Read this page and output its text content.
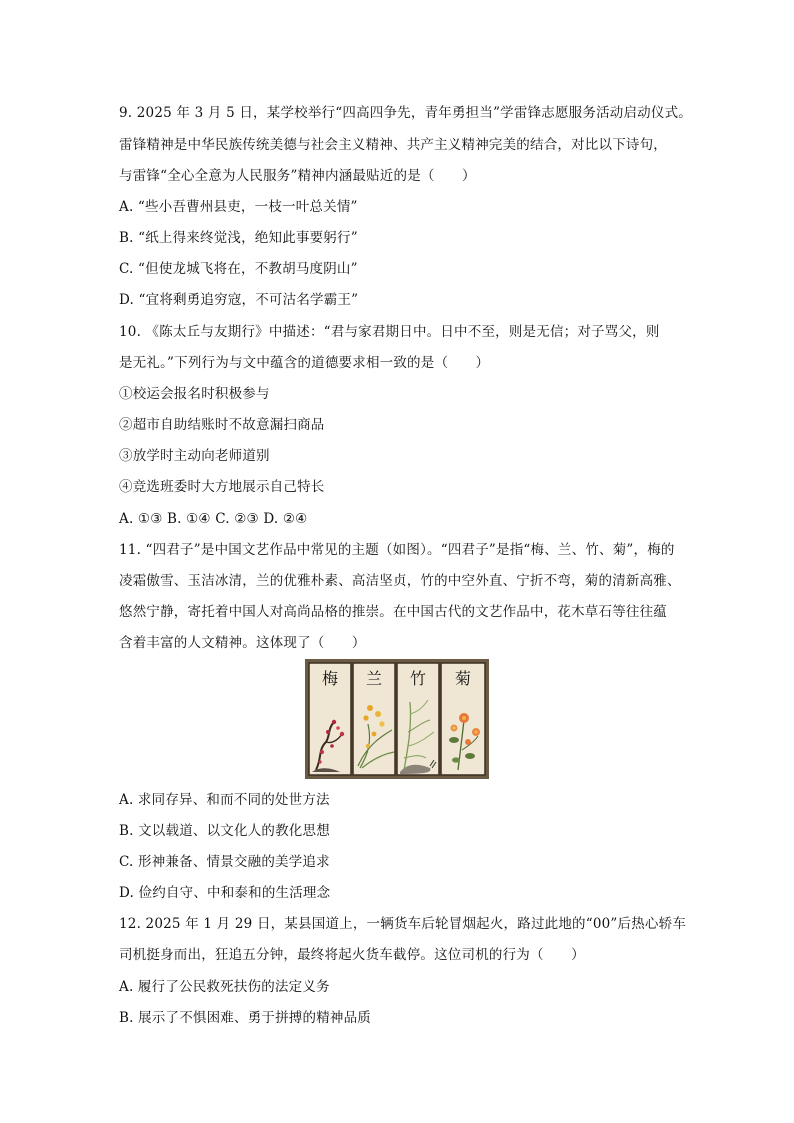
9. 2025 年 3 月 5 日，某学校举行“四高四争先，青年勇担当”学雷锋志愿服务活动启动仪式。
雷锋精神是中华民族传统美德与社会主义精神、共产主义精神完美的结合，对比以下诗句，
与雷锋“全心全意为人民服务”精神内涵最贴近的是（　　）
A. “些小吾曹州县吏，一枝一叶总关情”
B. “纸上得来终觉浅，绝知此事要躬行”
C. “但使龙城飞将在，不教胡马度阴山”
D. “宜将剩勇追穷寇，不可沽名学霸王”
10. 《陈太丘与友期行》中描述：“君与家君期日中。日中不至，则是无信；对子骂父，则
是无礼。”下列行为与文中蕴含的道德要求相一致的是（　　）
①校运会报名时积极参与
②超市自助结账时不故意漏扫商品
③放学时主动向老师道别
④竞选班委时大方地展示自己特长
A. ①③ B. ①④ C. ②③ D. ②④
11. “四君子”是中国文艺作品中常见的主题（如图）。“四君子”是指“梅、兰、竹、菊”，梅的
凌霜傲雪、玉洁冰清，兰的优雅朴素、高洁坚贞，竹的中空外直、宁折不弯，菊的清新高雅、
悠然宁静，寄托着中国人对高尚品格的推崇。在中国古代的文艺作品中，花木草石等往往蕴
含着丰富的人文精神。这体现了（　　）
梅 兰 竹 菊
A. 求同存异、和而不同的处世方法
B. 文以载道、以文化人的教化思想
C. 形神兼备、情景交融的美学追求
D. 俭约自守、中和泰和的生活理念
12. 2025 年 1 月 29 日，某县国道上，一辆货车后轮冒烟起火，路过此地的“00”后热心轿车
司机挺身而出，狂追五分钟，最终将起火货车截停。这位司机的行为（　　）
A. 履行了公民救死扶伤的法定义务
B. 展示了不惧困难、勇于拼搏的精神品质
